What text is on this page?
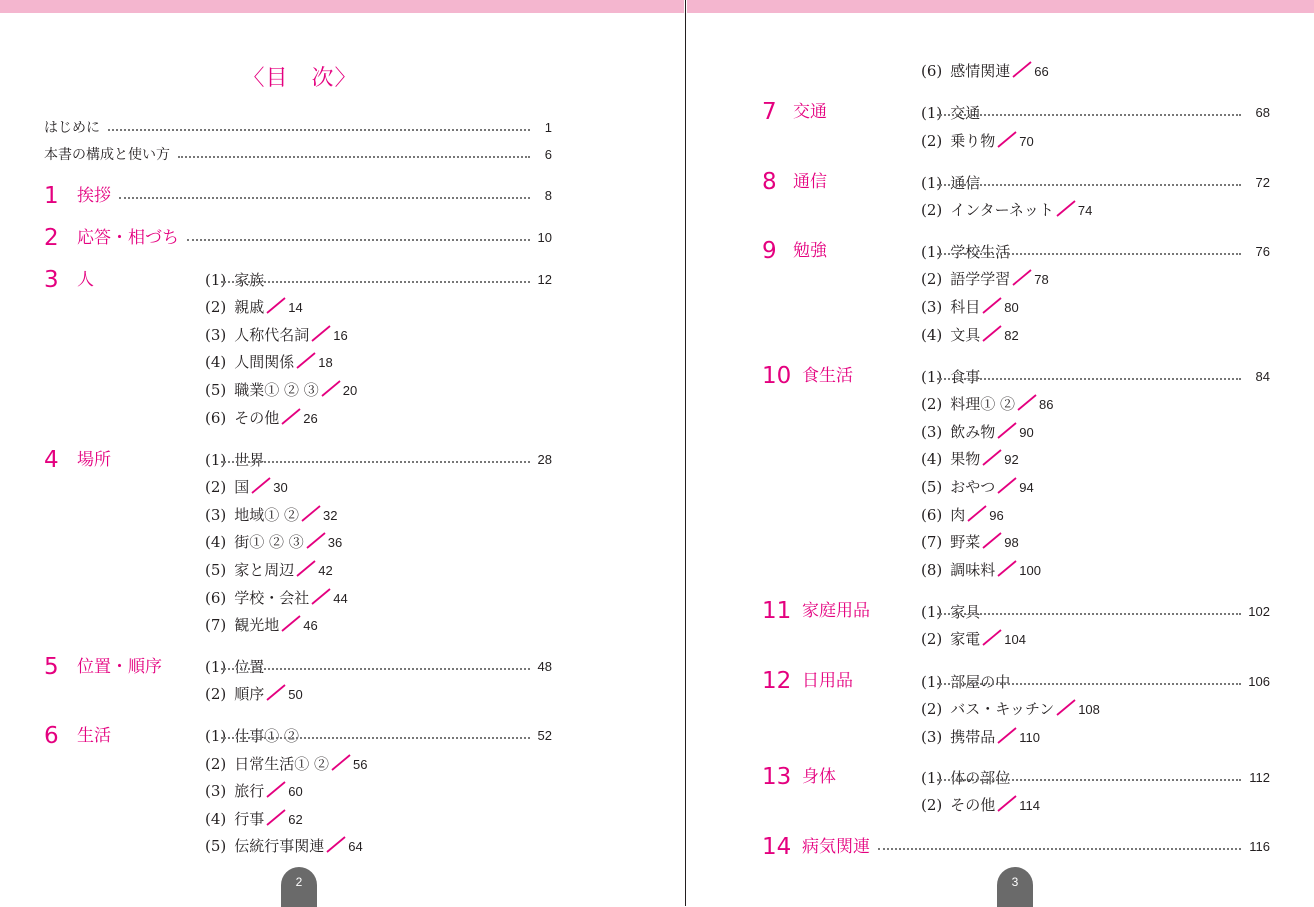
〈目　次〉
2
はじめに	1
本書の構成と使い方	6
1 挨拶	8
2 応答・相づち	10
3 人	(1) 家族	12
(2) 親戚 14
(3) 人称代名詞 16
(4) 人間関係 18
(5) 職業① ② ③ 20
(6) その他 26
4 場所	(1) 世界	28
(2) 国 30
(3) 地域① ② 32
(4) 街① ② ③ 36
(5) 家と周辺 42
(6) 学校・会社 44
(7) 観光地 46
5 位置・順序	(1) 位置	48
(2) 順序 50
6 生活	(1) 仕事① ②	52
(2) 日常生活① ② 56
(3) 旅行 60
(4) 行事 62
(5) 伝統行事関連 64
3
(6) 感情関連 66
7 交通	(1) 交通	68
(2) 乗り物 70
8 通信	(1) 通信	72
(2) インターネット 74
9 勉強	(1) 学校生活	76
(2) 語学学習 78
(3) 科目 80
(4) 文具 82
10 食生活	(1) 食事	84
(2) 料理① ② 86
(3) 飲み物 90
(4) 果物 92
(5) おやつ 94
(6) 肉 96
(7) 野菜 98
(8) 調味料 100
11 家庭用品	(1) 家具	102
(2) 家電 104
12 日用品	(1) 部屋の中	106
(2) バス・キッチン 108
(3) 携帯品 110
13 身体	(1) 体の部位	112
(2) その他 114
14 病気関連	116
